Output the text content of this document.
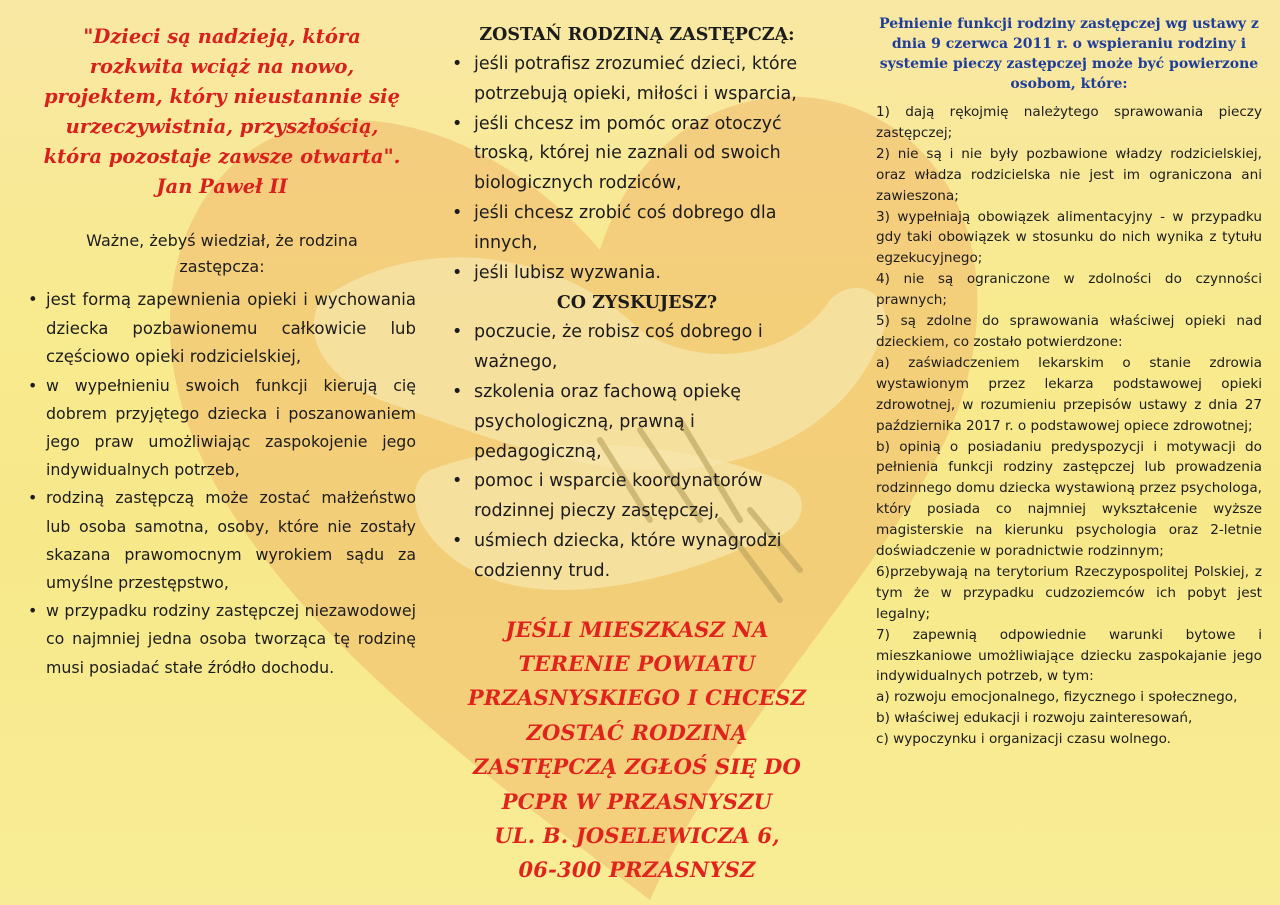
"Dzieci są nadzieją, która

rozkwita wciąż na nowo,

projektem, który nieustannie się

urzeczywistnia, przyszłością,

która pozostaje zawsze otwarta".

Jan Paweł II

Ważne, żebyś wiedział, że rodzina zastępcza:

• jest formą zapewnienia opieki i wychowania dziecka pozbawionemu całkowicie lub częściowo opieki rodzicielskiej,
• w wypełnieniu swoich funkcji kierują cię dobrem przyjętego dziecka i poszanowaniem jego praw umożliwiając zaspokojenie jego indywidualnych potrzeb,
• rodziną zastępczą może zostać małżeństwo lub osoba samotna, osoby, które nie zostały skazana prawomocnym wyrokiem sądu za umyślne przestępstwo,
• w przypadku rodziny zastępczej niezawodowej co najmniej jedna osoba tworząca tę rodzinę musi posiadać stałe źródło dochodu.

ZOSTAŃ RODZINĄ ZASTĘPCZĄ:

• jeśli potrafisz zrozumieć dzieci, które potrzebują opieki, miłości i wsparcia,
• jeśli chcesz im pomóc oraz otoczyć troską, której nie zaznali od swoich biologicznych rodziców,
• jeśli chcesz zrobić coś dobrego dla innych,
• jeśli lubisz wyzwania.

CO ZYSKUJESZ?

• poczucie, że robisz coś dobrego i ważnego,
• szkolenia oraz fachową opiekę psychologiczną, prawną i pedagogiczną,
• pomoc i wsparcie koordynatorów rodzinnej pieczy zastępczej,
• uśmiech dziecka, które wynagrodzi codzienny trud.
JEŚLI MIESZKASZ NA
TERENIE POWIATU
PRZASNYSKIEGO I CHCESZ
ZOSTAĆ RODZINĄ
ZASTĘPCZĄ ZGŁOŚ SIĘ DO
PCPR W PRZASNYSZU
UL. B. JOSELEWICZA 6,
06-300 PRZASNYSZ

Pełnienie funkcji rodziny zastępczej wg ustawy z dnia 9 czerwca 2011 r. o wspieraniu rodziny i systemie pieczy zastępczej może być powierzone osobom, które:

1) dają rękojmię należytego sprawowania pieczy zastępczej;

2) nie są i nie były pozbawione władzy rodzicielskiej, oraz władza rodzicielska nie jest im ograniczona ani zawieszona;

3) wypełniają obowiązek alimentacyjny - w przypadku gdy taki obowiązek w stosunku do nich wynika z tytułu egzekucyjnego;

4) nie są ograniczone w zdolności do czynności prawnych;

5) są zdolne do sprawowania właściwej opieki nad dzieckiem, co zostało potwierdzone:

a) zaświadczeniem lekarskim o stanie zdrowia wystawionym przez lekarza podstawowej opieki zdrowotnej, w rozumieniu przepisów ustawy z dnia 27 października 2017 r. o podstawowej opiece zdrowotnej;

b) opinią o posiadaniu predyspozycji i motywacji do pełnienia funkcji rodziny zastępczej lub prowadzenia rodzinnego domu dziecka wystawioną przez psychologa, który posiada co najmniej wykształcenie wyższe magisterskie na kierunku psychologia oraz 2-letnie doświadczenie w poradnictwie rodzinnym;

6)przebywają na terytorium Rzeczypospolitej Polskiej, z tym że w przypadku cudzoziemców ich pobyt jest legalny;

7) zapewnią odpowiednie warunki bytowe i mieszkaniowe umożliwiające dziecku zaspokajanie jego indywidualnych potrzeb, w tym:

a) rozwoju emocjonalnego, fizycznego i społecznego,

b) właściwej edukacji i rozwoju zainteresowań,

c) wypoczynku i organizacji czasu wolnego.
